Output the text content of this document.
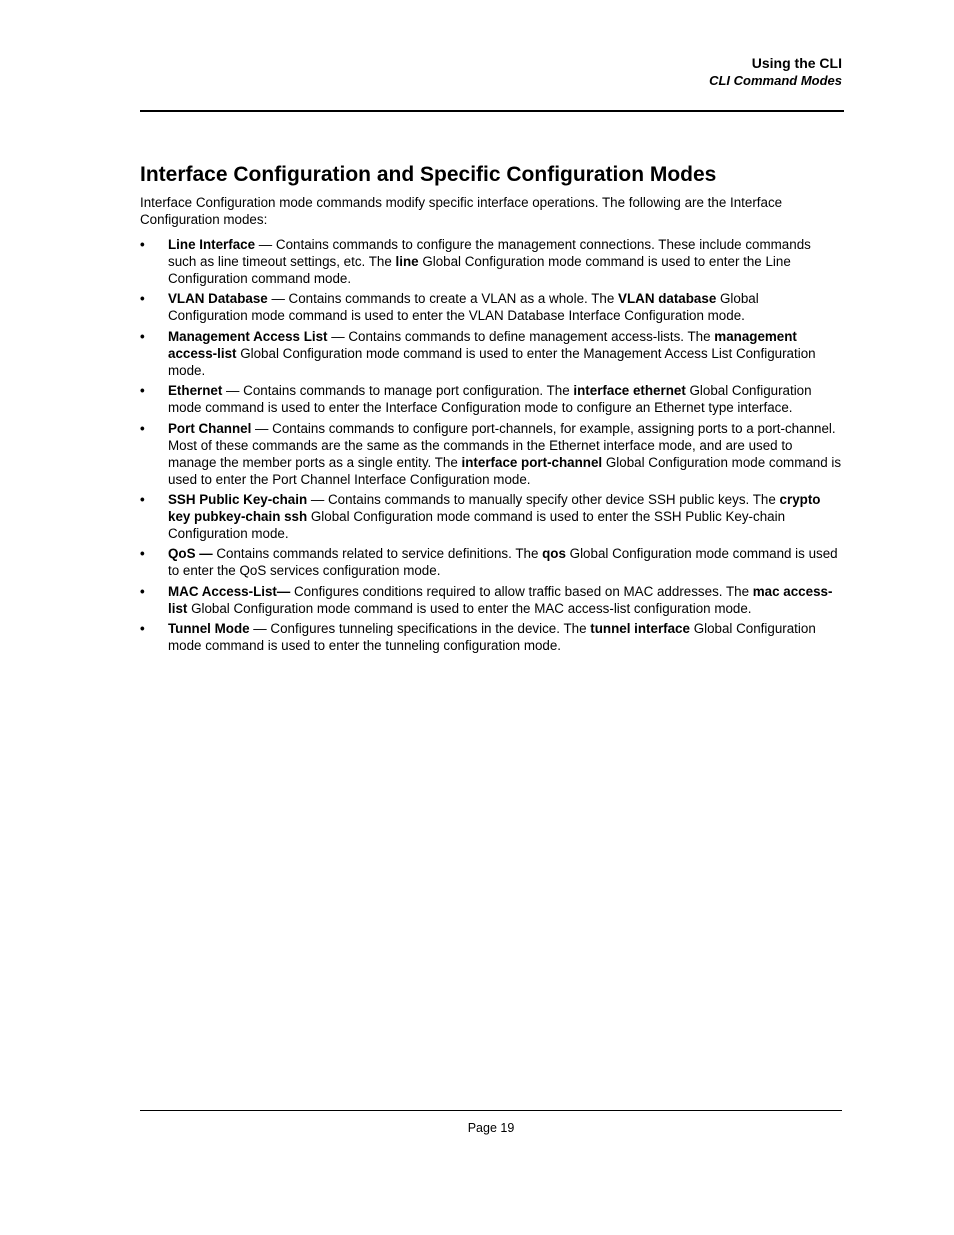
Using the CLI
CLI Command Modes
Interface Configuration and Specific Configuration Modes

Interface Configuration mode commands modify specific interface operations. The following are the Interface Configuration modes:

• Line Interface — Contains commands to configure the management connections. These include commands such as line timeout settings, etc. The line Global Configuration mode command is used to enter the Line Configuration command mode.
• VLAN Database — Contains commands to create a VLAN as a whole. The VLAN database Global Configuration mode command is used to enter the VLAN Database Interface Configuration mode.
• Management Access List — Contains commands to define management access-lists. The management access-list Global Configuration mode command is used to enter the Management Access List Configuration mode.
• Ethernet — Contains commands to manage port configuration. The interface ethernet Global Configuration mode command is used to enter the Interface Configuration mode to configure an Ethernet type interface.
• Port Channel — Contains commands to configure port-channels, for example, assigning ports to a port-channel. Most of these commands are the same as the commands in the Ethernet interface mode, and are used to manage the member ports as a single entity. The interface port-channel Global Configuration mode command is used to enter the Port Channel Interface Configuration mode.
• SSH Public Key-chain — Contains commands to manually specify other device SSH public keys. The crypto key pubkey-chain ssh Global Configuration mode command is used to enter the SSH Public Key-chain Configuration mode.
• QoS — Contains commands related to service definitions. The qos Global Configuration mode command is used to enter the QoS services configuration mode.
• MAC Access-List— Configures conditions required to allow traffic based on MAC addresses. The mac access-list Global Configuration mode command is used to enter the MAC access-list configuration mode.
• Tunnel Mode — Configures tunneling specifications in the device. The tunnel interface Global Configuration mode command is used to enter the tunneling configuration mode.
Page 19
